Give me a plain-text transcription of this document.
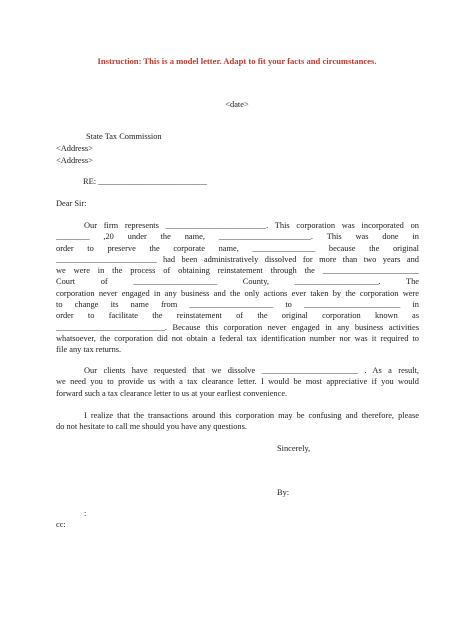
Instruction: This is a model letter. Adapt to fit your facts and circumstances.
<date>
State Tax Commission
<Address>
<Address>
RE: __________________________
Dear Sir:
Our firm represents ________________________. This corporation was incorporated on
________ ,20 under the name, ______________________. This was done in
order to preserve the corporate name, _______________ because the original
________________________ had been administratively dissolved for more than two years and
we were in the process of obtaining reinstatement through the _______________________
Court of ____________________ County, ____________________. The
corporation never engaged in any business and the only actions ever taken by the corporation were
to change its name from ____________________ to _______________________ in
order to facilitate the reinstatement of the original corporation known as
__________________________. Because this corporation never engaged in any business activities
whatsoever, the corporation did not obtain a federal tax identification number nor was it required to
file any tax returns.
Our clients have requested that we dissolve _______________________ . As a result,
we need you to provide us with a tax clearance letter. I would be most appreciative if you would
forward such a tax clearance letter to us at your earliest convenience.
I realize that the transactions around this corporation may be confusing and therefore, please
do not hesitate to call me should you have any questions.
Sincerely,
By:
:
cc:
